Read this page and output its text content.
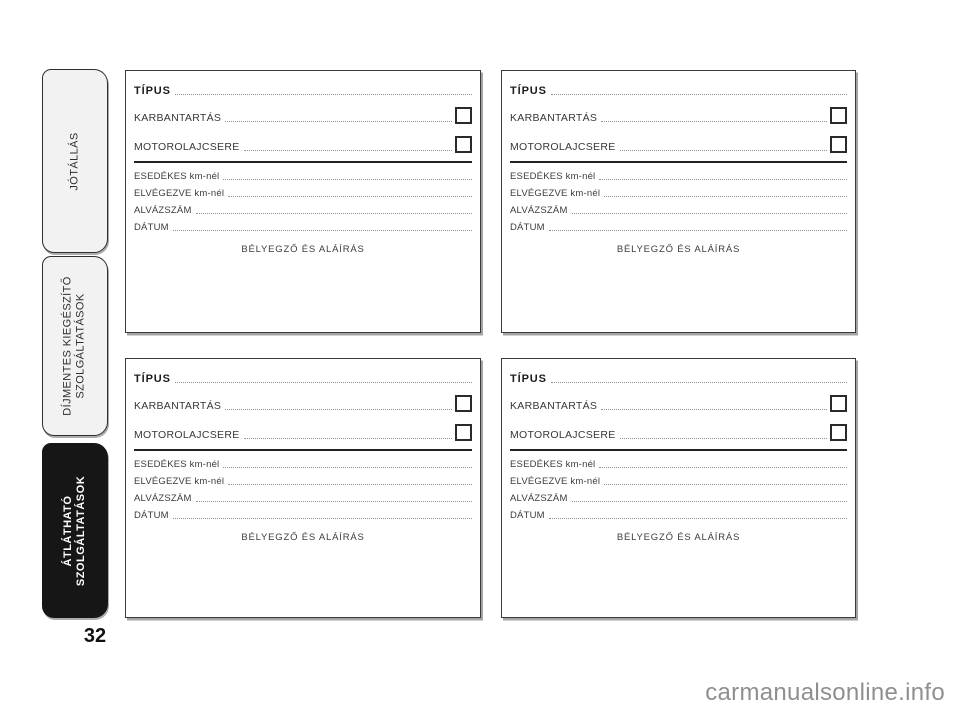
JÓTÁLLÁS
DÍJMENTES KIEGÉSZÍTŐ SZOLGÁLTATÁSOK
ÁTLÁTHATÓ SZOLGÁLTATÁSOK
32
TÍPUS
KARBANTARTÁS
MOTOROLAJCSERE
ESEDÉKES km-nél
ELVÉGEZVE km-nél
ALVÁZSZÁM
DÁTUM
BÉLYEGZŐ ÉS ALÁÍRÁS
TÍPUS
KARBANTARTÁS
MOTOROLAJCSERE
ESEDÉKES km-nél
ELVÉGEZVE km-nél
ALVÁZSZÁM
DÁTUM
BÉLYEGZŐ ÉS ALÁÍRÁS
TÍPUS
KARBANTARTÁS
MOTOROLAJCSERE
ESEDÉKES km-nél
ELVÉGEZVE km-nél
ALVÁZSZÁM
DÁTUM
BÉLYEGZŐ ÉS ALÁÍRÁS
TÍPUS
KARBANTARTÁS
MOTOROLAJCSERE
ESEDÉKES km-nél
ELVÉGEZVE km-nél
ALVÁZSZÁM
DÁTUM
BÉLYEGZŐ ÉS ALÁÍRÁS
carmanualsonline.info
